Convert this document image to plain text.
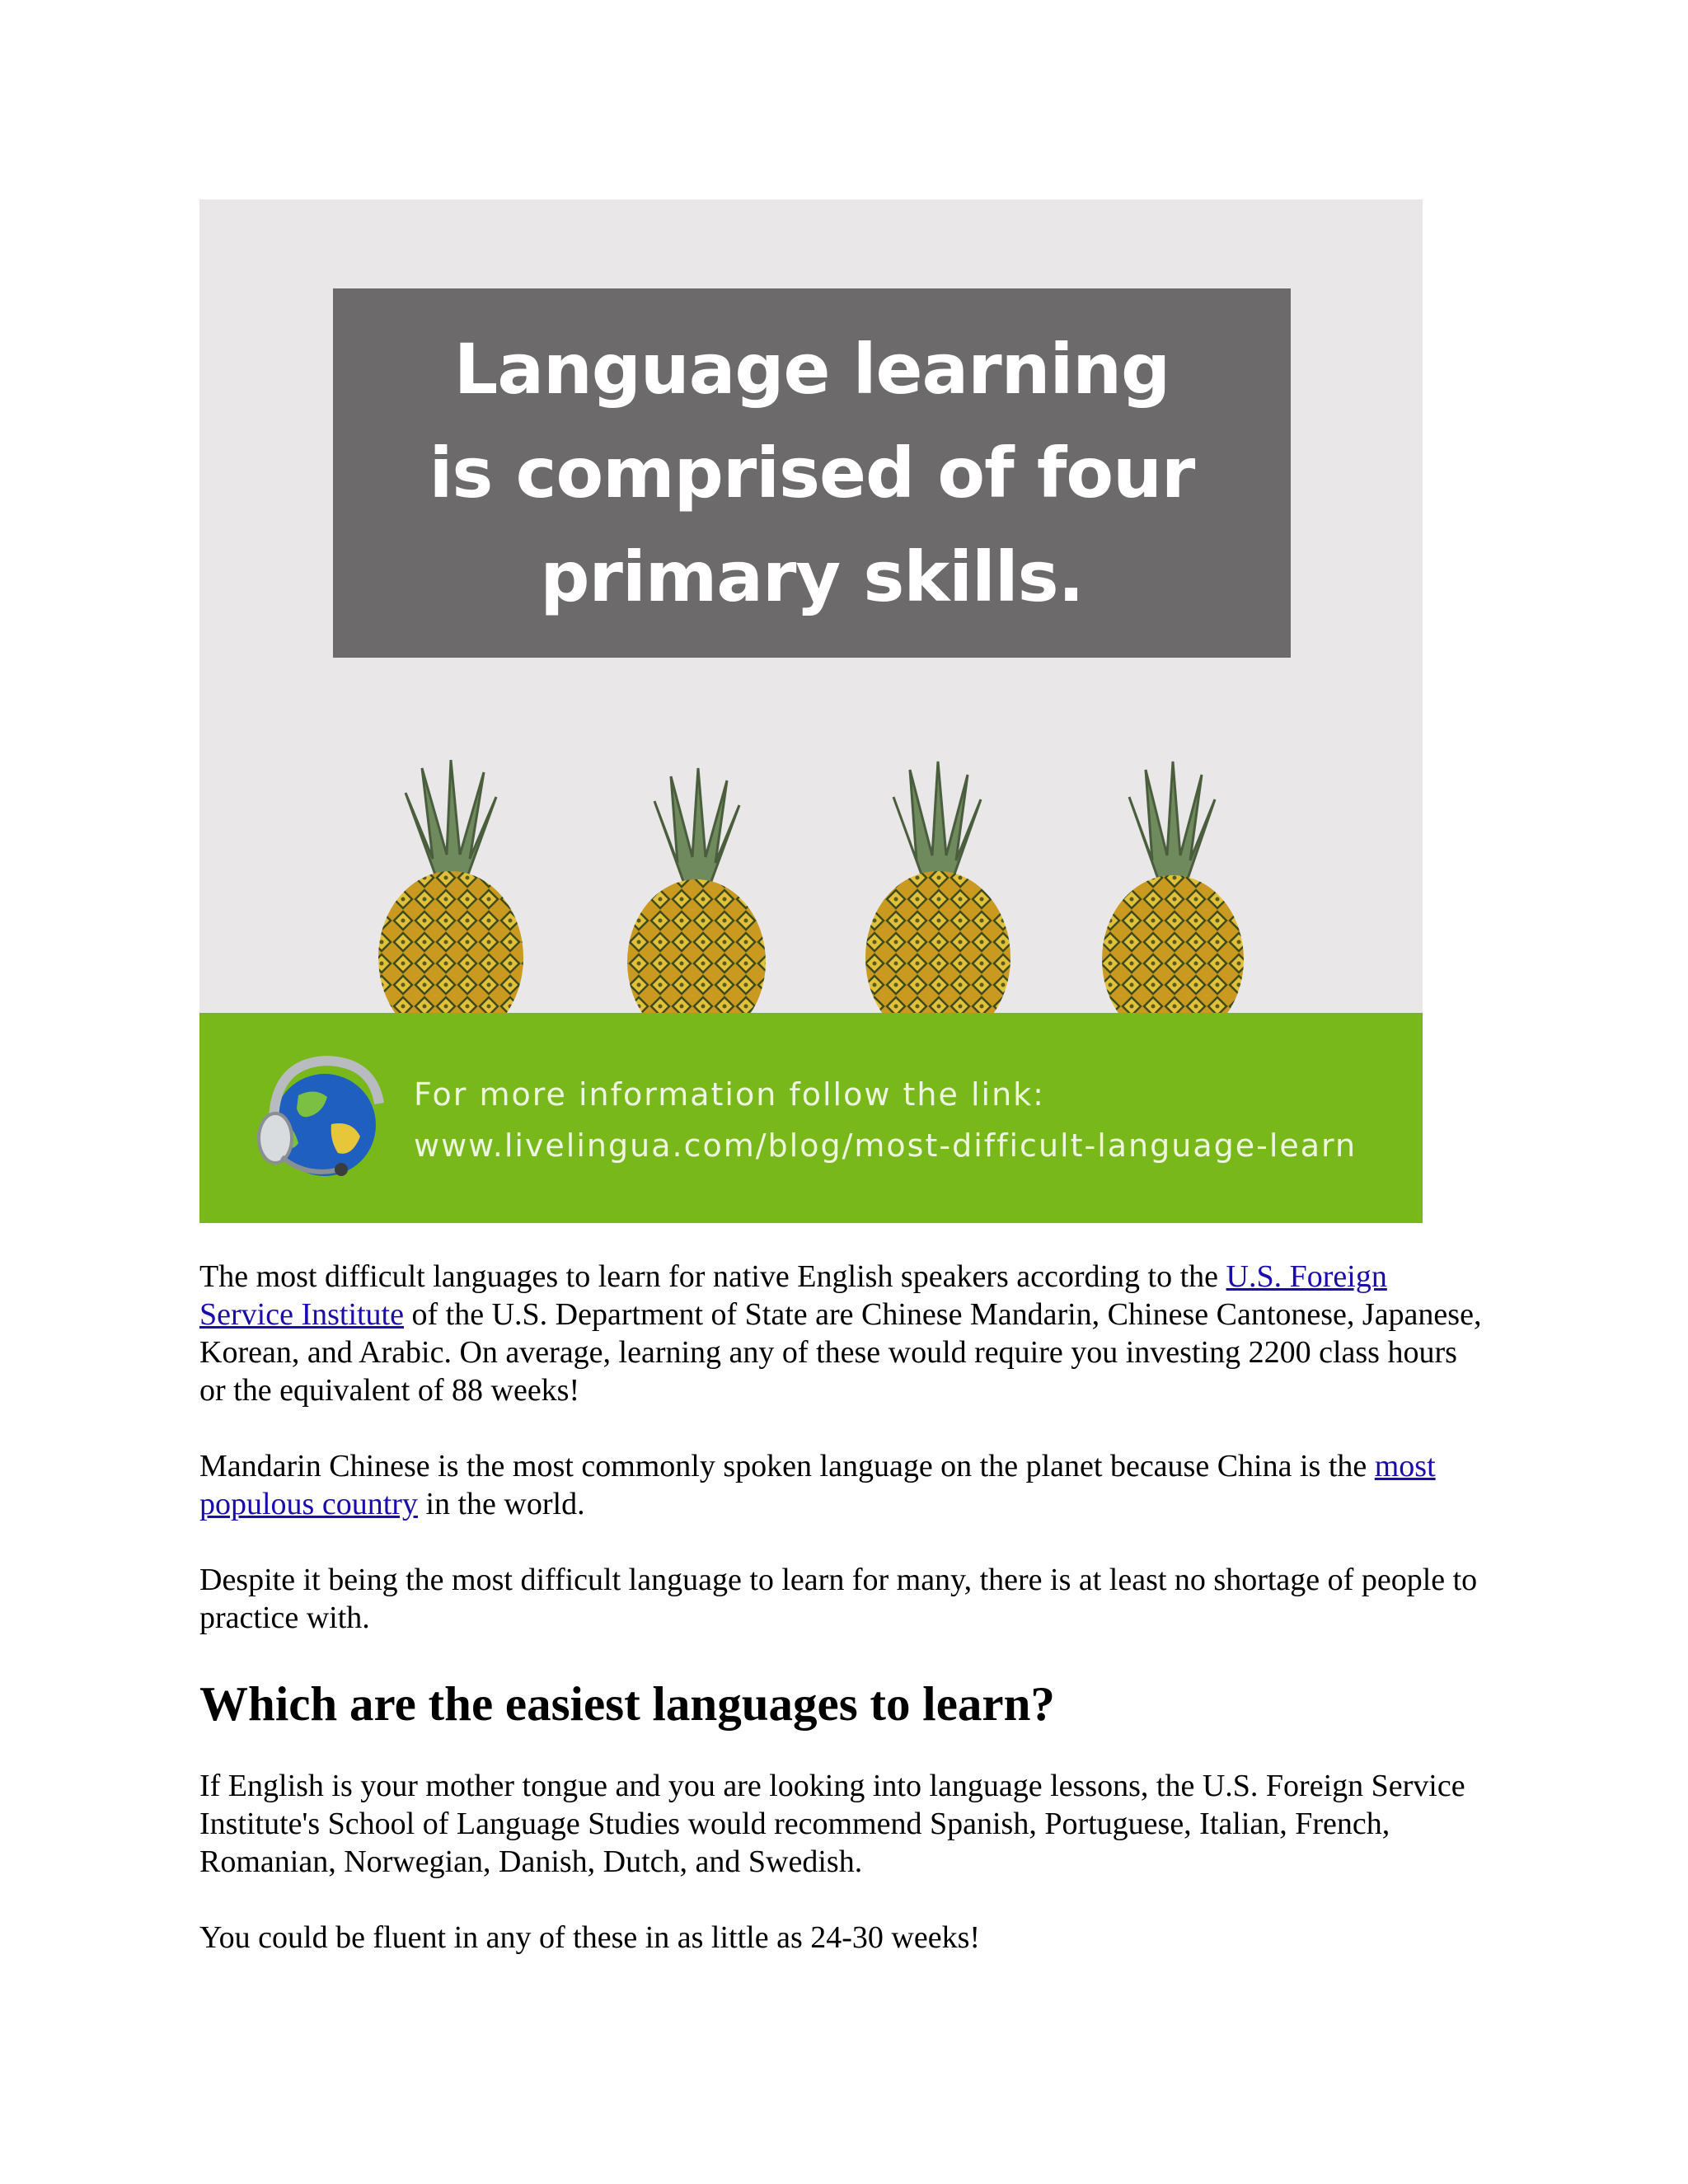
Language learning
is comprised of four
primary skills.
For more information follow the link:
www.livelingua.com/blog/most-difficult-language-learn

The most difficult languages to learn for native English speakers according to the U.S. Foreign Service Institute of the U.S. Department of State are Chinese Mandarin, Chinese Cantonese, Japanese, Korean, and Arabic. On average, learning any of these would require you investing 2200 class hours or the equivalent of 88 weeks!

Mandarin Chinese is the most commonly spoken language on the planet because China is the most populous country in the world.

Despite it being the most difficult language to learn for many, there is at least no shortage of people to practice with.

Which are the easiest languages to learn?

If English is your mother tongue and you are looking into language lessons, the U.S. Foreign Service Institute's School of Language Studies would recommend Spanish, Portuguese, Italian, French, Romanian, Norwegian, Danish, Dutch, and Swedish.

You could be fluent in any of these in as little as 24-30 weeks!
